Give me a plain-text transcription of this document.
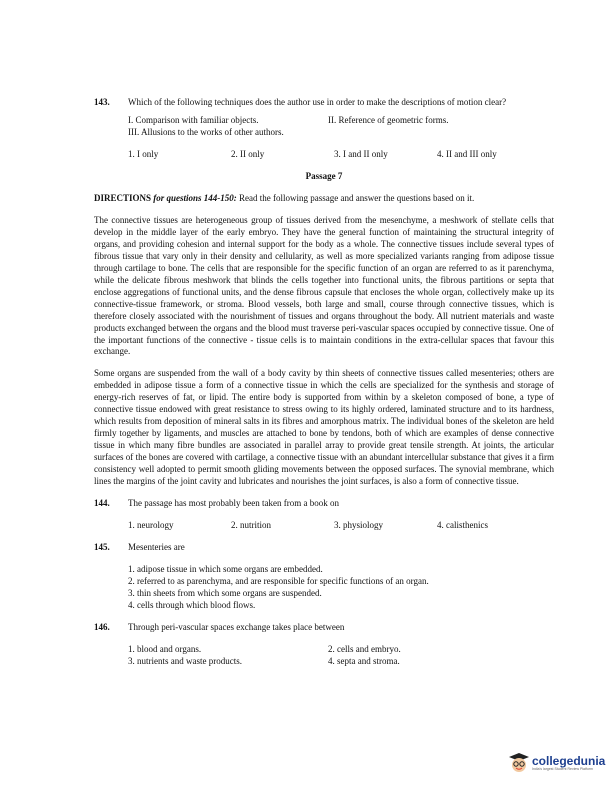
143.	Which of the following techniques does the author use in order to make the descriptions of motion clear?
I. Comparison with familiar objects.	II. Reference of geometric forms.
III. Allusions to the works of other authors.
1. I only	2. II only	3. I and II only	4. II and III only
Passage 7
DIRECTIONS for questions 144-150: Read the following passage and answer the questions based on it.

The connective tissues are heterogeneous group of tissues derived from the mesenchyme, a meshwork of stellate cells that develop in the middle layer of the early embryo. They have the general function of maintaining the structural integrity of organs, and providing cohesion and internal support for the body as a whole. The connective tissues include several types of fibrous tissue that vary only in their density and cellularity, as well as more specialized variants ranging from adipose tissue through cartilage to bone. The cells that are responsible for the specific function of an organ are referred to as it parenchyma, while the delicate fibrous meshwork that blinds the cells together into functional units, the fibrous partitions or septa that enclose aggregations of functional units, and the dense fibrous capsule that encloses the whole organ, collectively make up its connective-tissue framework, or stroma. Blood vessels, both large and small, course through connective tissues, which is therefore closely associated with the nourishment of tissues and organs throughout the body. All nutrient materials and waste products exchanged between the organs and the blood must traverse peri-vascular spaces occupied by connective tissue. One of the important functions of the connective - tissue cells is to maintain conditions in the extra-cellular spaces that favour this exchange.

Some organs are suspended from the wall of a body cavity by thin sheets of connective tissues called mesenteries; others are embedded in adipose tissue a form of a connective tissue in which the cells are specialized for the synthesis and storage of energy-rich reserves of fat, or lipid. The entire body is supported from within by a skeleton composed of bone, a type of connective tissue endowed with great resistance to stress owing to its highly ordered, laminated structure and to its hardness, which results from deposition of mineral salts in its fibres and amorphous matrix. The individual bones of the skeleton are held firmly together by ligaments, and muscles are attached to bone by tendons, both of which are examples of dense connective tissue in which many fibre bundles are associated in parallel array to provide great tensile strength. At joints, the articular surfaces of the bones are covered with cartilage, a connective tissue with an abundant intercellular substance that gives it a firm consistency well adopted to permit smooth gliding movements between the opposed surfaces. The synovial membrane, which lines the margins of the joint cavity and lubricates and nourishes the joint surfaces, is also a form of connective tissue.

144.	The passage has most probably been taken from a book on
1. neurology	2. nutrition	3. physiology	4. calisthenics
145.	Mesenteries are
1. adipose tissue in which some organs are embedded.
2. referred to as parenchyma, and are responsible for specific functions of an organ.
3. thin sheets from which some organs are suspended.
4. cells through which blood flows.
146.	Through peri-vascular spaces exchange takes place between
1. blood and organs.	2. cells and embryo.
3. nutrients and waste products.	4. septa and stroma.
collegedunia
India's largest Student Review Platform
